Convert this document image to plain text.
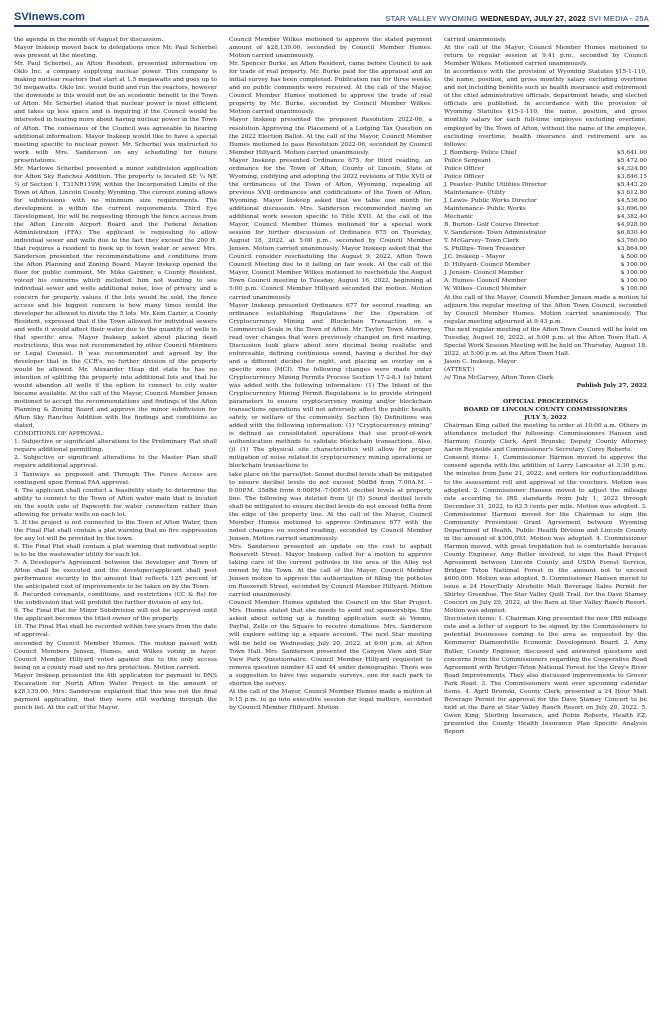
SVInews.com	STAR VALLEY WYOMING WEDNESDAY, JULY 27, 2022 SVI MEDIA - 25A

the agenda in the month of August for discussion.

Mayor Inskeep moved back to delegations once Mr. Paul Scherbel was present at the meeting.

Mr. Paul Scherbel, an Afton Resident, presented information on Oklo Inc. a company supplying nuclear power. This company is making nuclear reactors that start at 1.5 megawatts and goes up to 50 megawatts. Oklo Inc. would build and run the reactors, however the downside is this would not be an economic benefit to the Town of Afton. Mr. Scherbel stated that nuclear power is most efficient and takes up less space and is inquiring if the Council would be interested in hearing more about having nuclear power in the Town of Afton. The consensus of the Council was agreeable to hearing additional information. Mayor Inskeep would like to have a special meeting specific to nuclear power. Mr. Scherbel was instructed to work with Mrs. Sanderson on any scheduling for future presentations.

Mr. Marlowe Scherbel presented a minor subdivision application for Afton Sky Ranches Addition. The property is located SE ¼ NE ¼ of Section 1, T31NR119W, within the Incorporated Limits of the Town of Afton, Lincoln County, Wyoming. The current zoning allows for subdivisions with no minimum size requirements. The development is within the current requirements. Third Eye Development, Inc will be requesting through the fence access from the Afton Lincoln Airport Board and the Federal Aviation Administration (FFA). The applicant is requesting to allow individual sewer and wells due to the fact they exceed the 200 ft. that requires a resident to hook up to town water or sewer. Mrs. Sanderson presented the recommendations and conditions from the Afton Planning and Zoning Board. Mayor Inskeep opened the floor for public comment. Mr. Mike Gardner, a County Resident, voiced his concerns which included: him not wanting to see individual sewer and wells additional noise, loss of privacy, and a concern for property values if the lots would be sold, the fence access and his biggest concern is how many times would the developer be allowed to divide the 5 lots. Mr. Kem Cazier, a County Resident, expressed that if the Town allowed for individual sewers and wells it would affect their water due to the quantity of wells in that specific area. Mayor Inskeep asked about placing deed restrictions, this was not recommended by other Council Members or Legal Counsel. It was recommended and agreed by the developer that in the CCR's, no further division of the property would be allowed. Mr. Alexander Heap did state he has no intention of splitting the property into additional lots and that he would abandon all wells if the option to connect to city water became available. At the call of the Mayor, Council Member Jensen motioned to accept the recommendations and findings of the Afton Planning & Zoning Board and approve the minor subdivision for Afton Sky Ranches Addition with the findings and conditions as stated,

CONDITIONS OF APPROVAL:

1. Subjective or significant alterations to the Preliminary Plat shall require additional permitting.

2. Subjective or significant alterations to the Master Plan shall require additional approval.

3 Taxiways as proposed and Through The Fence Access are contingent upon Formal FAA approval.

4. The applicant shall conduct a feasibility study to determine the ability to connect to the Town of Afton water main that is located on the south side of Papworth for water connection rather than allowing for private wells on each lot.

5. If the project is not connected to the Town of Afton Water, then the Final Plat shall contain a plat warning that no fire suppression for any lot will be provided by the town.

6. The Final Plat shall contain a plat warning that individual septic is to be the wastewater utility for each lot.

7. A Developer's Agreement between the developer and Town of Afton shall be executed and the developer/applicant shall post performance security in the amount that reflects 125 percent of the anticipated cost of improvements to be taken on by the Town.

8. Recorded covenants, conditions, and restrictions (CC & Rs) for the subdivision that will prohibit the further division of any lot.

9. The Final Plat for Minor Subdivision will not be approved until the applicant becomes the titled owner of the property.

10. The Final Plat shall be recorded within two years from the date of approval.

seconded by Council Member Humes. The motion passed with Council Members Jensen, Humes, and Wilkes voting in favor. Council Member Hillyard voted against due to the only access being on a county road and no fire protection. Motion carried.

Mayor Inskeep presented the 4th application for payment to DNS Excavation for North Afton Water Project in the amount of $28,139.00. Mrs. Sanderson explained that this was not the final payment application, that they were still working through the punch list. At the call of the Mayor,

Council Member Wilkes motioned to approve the stated payment amount of $28,139.00, seconded by Council Member Humes. Motion carried unanimously.

Mr. Spencer Burke, an Afton Resident, came before Council to ask for trade of real property. Mr. Burke paid for the appraisal and an initial survey has been completed. Publication ran for three weeks, and no public comments were received. At the call of the Mayor, Council Member Humes motioned to approve the trade of real property by Mr. Burke, seconded by Council Member Wilkes. Motion carried unanimously.

Mayor Inskeep presented the proposed Resolution 2022-06, a resolution Approving the Placement of a Lodging Tax Question on the 2022 Election Ballot. At the call of the Mayor, Council Member Humes motioned to pass Resolution 2022-06, seconded by Council Member Hillyard. Motion carried unanimously.

Mayor Inskeep presented Ordinance 675, for third reading, an ordinance for the Town of Afton, County of Lincoln, State of Wyoming, codifying and adopting the 2022 revisions of Title XVII of the ordinances of the Town of Afton, Wyoming, repealing all previous XVII ordinances and codifications of the Town of Afton, Wyoming. Mayor Inskeep asked that we table one month for additional discussion. Mrs. Sanderson recommended having an additional work session specific to Title XVII. At the call of the Mayor, Council Member Humes motioned for a special work session for further discussion of Ordinance 675 on Thursday, August 18, 2022, at 5:00 p.m., seconded by Council Member Jensen. Motion carried unanimously. Mayor Inskeep asked that the Council consider rescheduling the August 9, 2022, Afton Town Council Meeting due to it falling on fair week. At the call of the Mayor, Council Member Wilkes motioned to reschedule the August Town Council meeting to Tuesday, August 16, 2022, beginning at 5:00 p.m. Council Member Hillyard seconded the motion. Motion carried unanimously.

Mayor Inskeep presented Ordinance 677 for second reading, an ordinance establishing Regulations for the Operation of Cryptocurrency Mining and Blockchain Transaction on a Commercial Scale in the Town of Afton. Mr. Taylor, Town Attorney, read over changes that were previously changed on first reading. Discussion took place about zero decimal being realistic and enforceable, defining continuous sound, having a decibel for day and a different decibel for night, and placing an overlay on a specific zone (MCI). The following changes were made under Cryptocurrency Mining Permits Process Section 17-2-8.1 (a) Intent was added with the following information: (1) The Intent of the Cryptocurrency Mining Permit Regulations is to provide stringent parameters to ensure cryptocurrency mining and/or blockchain transactions operations will not adversely affect the public health, safety, or welfare of the community. Section (b) Definitions was added with the following information: (1) "Cryptocurrency mining" is defined as consolidated operations that use proof-of-work authentication methods to validate blockchain transactions. Also, (j) (1) The physical site characteristics will allow for proper mitigation of noise related to cryptocurrency mining operations or blockchain transactions to

take place on the parcel/lot. Sound decibel levels shall be mitigated to ensure decibel levels do not exceed 50dBd from 7:00A.M. – 9:00P.M. 35dBd from 9:00P.M.-7:00P.M. decibel levels at property line. The following was deleted from (j) (5) Sound decibel levels shall be mitigated to ensure decibel levels do not exceed 0dBa from the edge of the property line. At the call of the Mayor, Council Member Humes motioned to approve Ordinance 677 with the noted changes on second reading, seconded by Council Member Jensen. Motion carried unanimously.

Mrs. Sanderson presented an update on the cost to asphalt Roosevelt Street. Mayor Inskeep called for a motion to approve taking care of the current potholes in the area of the Alley not owned by the Town. At the call of the Mayor, Council Member Jensen motion to approve the authorization of filling the potholes on Roosevelt Street, seconded by Council Member Hillyard. Motion carried unanimously.

Council Member Humes updated the Council on the Star Project. Mrs. Humes stated that she needs to send out sponsorships. She asked about setting up a funding application such as Venmo, PayPal, Zelle or the Square to receive donations. Mrs. Sanderson will explore setting up a square account. The next Star meeting will be held on Wednesday, July 20, 2022, at 6:00 p.m. at Afton Town Hall. Mrs. Sanderson presented the Canyon View and Star View Park Questionnaire. Council Member Hillyard requested to remove question number 43 and 44 under demographic. There was a suggestion to have two separate surveys, one for each park to shorten the survey.

At the call of the Mayor, Council Member Humes made a motion at 9:15 p.m. to go into executive session for legal matters, seconded by Council Member Hillyard. Motion

carried unanimously.

At the call of the Mayor, Council Member Humes motioned to return to regular session at 9:41 p.m., seconded by Council Member Wilkes. Motioned carried unanimously.

In accordance with the provision of Wyoming Statutes §15-1-110, the name, position, and gross monthly salary excluding overtime and not including benefits such as health insurance and retirement of the chief administrative officials, department heads, and elected officials are published. In accordance with the provision of Wyoming Statutes §15-1-110, the name, position, and gross monthly salary for each full-time employee excluding overtime, employed by the Town of Afton, without the name of the employee, excluding overtime, health insurance and retirement are as follows:

J. Romberg- Police Chief	$5,641.00
Police Sergeant	$5,472.00
Police Officer	$4,324.80
Police Officer	$3,846.15
J. Peavler- Public Utilities Director	$5,443.20
Maintenance- Utility	$3,612.80
J. Lewis- Public Works Director	$4,536.00
Maintenance- Public Works	$3,696.00
Mechanic	$4,382.40
B. Burton- Golf Course Director	$4,928.00
V. Sanderson- Town Administrator	$6,830.40
T. McGarvey- Town Clerk	$3,760.00
S. Phillips- Town Treasurer	$3,864.00
J.C. Inskeep – Mayor	$ 500.00
D. Hillyard- Council Member	$ 100.00
J. Jensen- Council Member	$ 100.00
A. Humes- Council Member	$ 100.00
W. Wilkes- Council Member	$ 100.00

At the call of the Mayor, Council Member Jensen made a motion to adjourn the regular meeting of the Afton Town Council, seconded by Council Member Humes. Motion carried unanimously. The regular meeting adjourned at 9:43 p.m.

The next regular meeting of the Afton Town Council will be held on Tuesday, August 16, 2022, at 5:00 p.m. at the Afton Town Hall. A Special Work Session Meeting will be held on Thursday, August 18, 2022, at 5:00 p.m. at the Afton Town Hall.

Jason C. Inskeep, Mayor

(ATTEST:)

/s/ Tina McGarvey, Afton Town Clerk

Publish July 27, 2022

OFFICIAL PROCEEDINGS

BOARD OF LINCOLN COUNTY COMMISSIONERS

JULY 5, 2022

Chairman King called the meeting to order at 10:00 a.m. Others in attendance included the following: Commissioners Hansen and Harmon; County Clerk, April Brunski; Deputy County Attorney Aaron Reynolds and Commissioner's Secretary, Corey Roberts.

Consent items: 1. Commissioner Harmon moved to approve the consent agenda with the addition of Larry Lancaster at 3:30 p.m., the minutes from June 21, 2022, and orders for reduction/addition to the assessment roll and approval of the vouchers. Motion was adopted. 2. Commissioner Hansen moved to adjust the mileage rate according to IRS standards from July 1, 2022 through December 31, 2022, to 62.5 cents per mile. Motion was adopted. 3. Commissioner Harmon moved for the Chairman to sign the Community Prevention Grant Agreement between Wyoming Department of Health, Public Health Division and Lincoln County in the amount of $306,093. Motion was adopted. 4. Commissioner Harmon moved, with great trepidation but is comfortable because County Engineer, Amy Butler involved, to sign the Road Project Agreement between Lincoln County and USDA Forest Service, Bridger Teton National Forest in the amount not to exceed $600,000. Motion was adopted. 5. Commissioner Hansen moved to issue a 24 Hour/Daily Alcoholic Malt Beverage Sales Permit for Shirley Greenhoe, The Star Valley Quilt Trail, for the Dave Stamey Concert on July 29, 2022, at the Barn at Star Valley Ranch Resort. Motion was adopted.

Discussion items: 1. Chairman King presented the new IRS mileage rate and a letter of support to be signed by the Commissioners to potential businesses coming to the area as requested by the Kemmerer Diamondville Economic Development Board. 2. Amy Butler, County Engineer, discussed and answered questions and concerns from the Commissioners regarding the Cooperative Road Agreement with Bridger-Teton National Forest for the Grey's River Road Improvements. They also discussed improvements to Grover Park Road. 3. The Commissioners went over upcoming calendar items. 4. April Brunski, County Clerk, presented a 24 Hour Malt Beverage Permit for approval for the Dave Stamey Concert to be held at the Barn at Star Valley Ranch Resort on July 29, 2022. 5. Gwen King, Sterling Insurance, and Robin Roberts, Health EZ, presented the County Health Insurance Plan Specific Analysis Report
